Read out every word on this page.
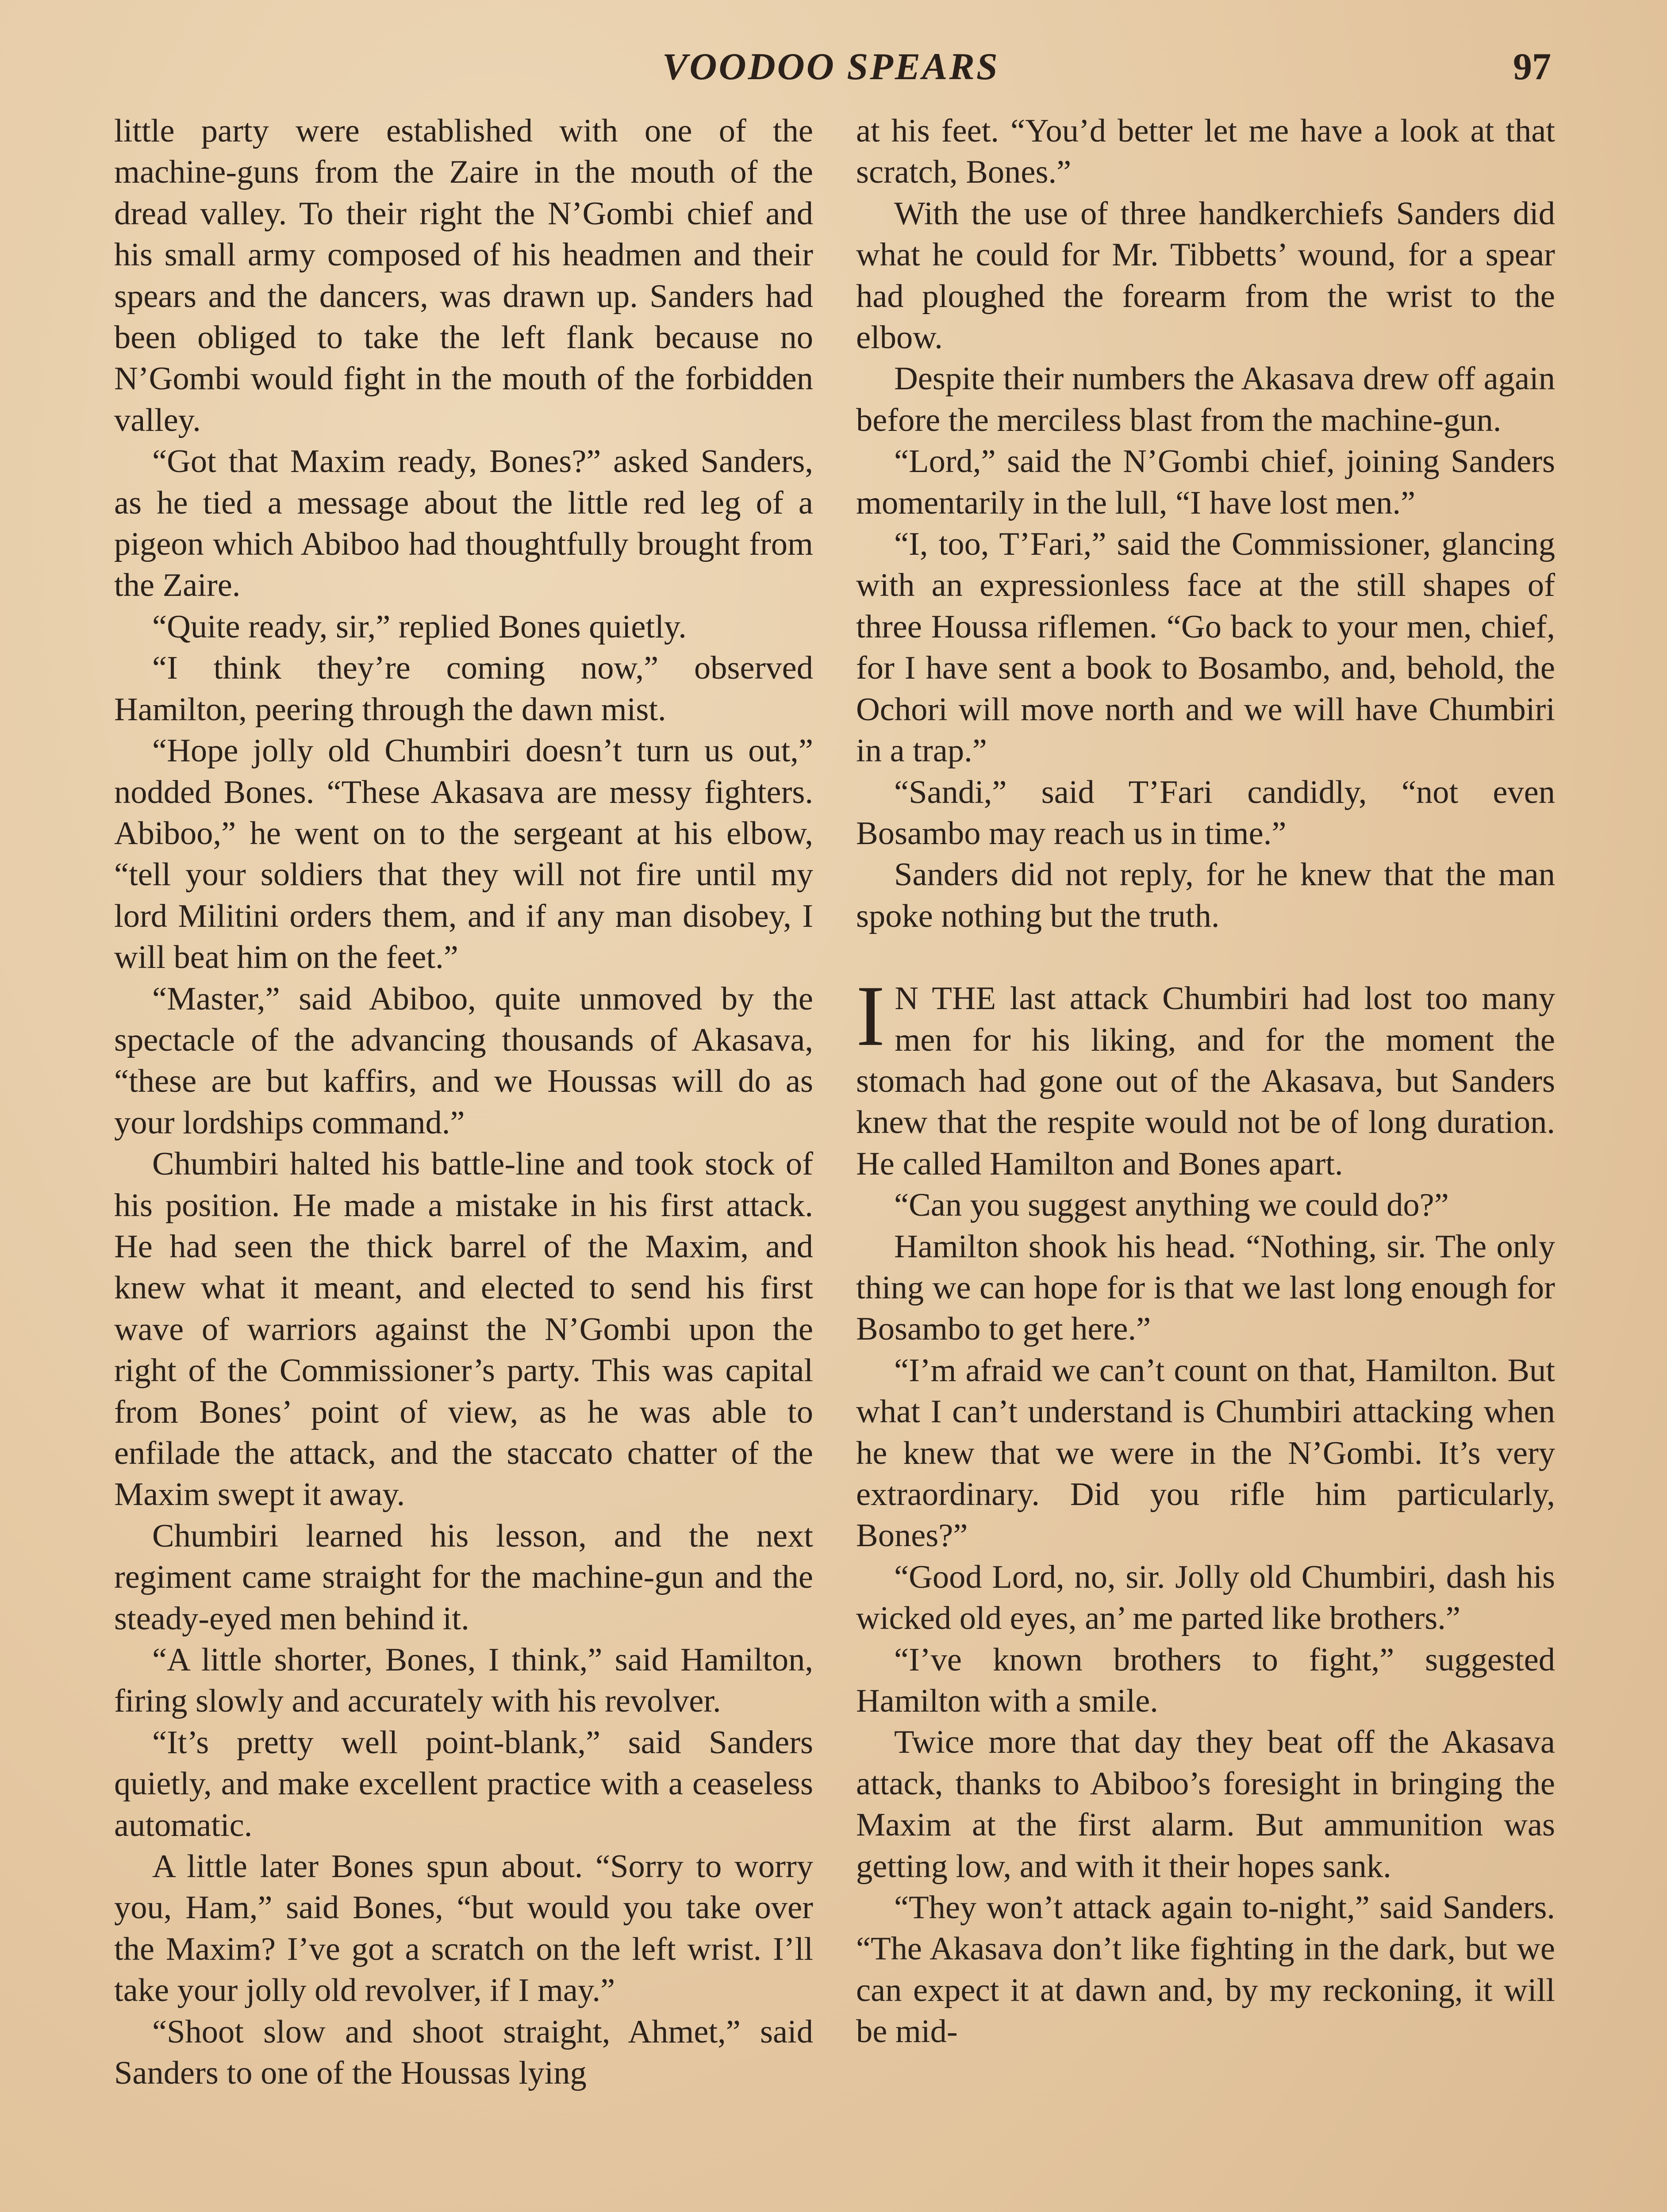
VOODOO SPEARS	97

little party were established with one of the machine-guns from the Zaire in the mouth of the dread valley. To their right the N’Gombi chief and his small army composed of his headmen and their spears and the dancers, was drawn up. Sanders had been obliged to take the left flank because no N’Gombi would fight in the mouth of the forbidden valley.

“Got that Maxim ready, Bones?” asked Sanders, as he tied a message about the little red leg of a pigeon which Abiboo had thoughtfully brought from the Zaire.

“Quite ready, sir,” replied Bones quietly.

“I think they’re coming now,” observed Hamilton, peering through the dawn mist.

“Hope jolly old Chumbiri doesn’t turn us out,” nodded Bones. “These Akasava are messy fighters. Abiboo,” he went on to the sergeant at his elbow, “tell your soldiers that they will not fire until my lord Militini orders them, and if any man disobey, I will beat him on the feet.”

“Master,” said Abiboo, quite unmoved by the spectacle of the advancing thousands of Akasava, “these are but kaffirs, and we Houssas will do as your lordships command.”

Chumbiri halted his battle-line and took stock of his position. He made a mistake in his first attack. He had seen the thick barrel of the Maxim, and knew what it meant, and elected to send his first wave of warriors against the N’Gombi upon the right of the Commissioner’s party. This was capital from Bones’ point of view, as he was able to enfilade the attack, and the staccato chatter of the Maxim swept it away.

Chumbiri learned his lesson, and the next regiment came straight for the machine-gun and the steady-eyed men behind it.

“A little shorter, Bones, I think,” said Hamilton, firing slowly and accurately with his revolver.

“It’s pretty well point-blank,” said Sanders quietly, and make excellent practice with a ceaseless automatic.

A little later Bones spun about. “Sorry to worry you, Ham,” said Bones, “but would you take over the Maxim? I’ve got a scratch on the left wrist. I’ll take your jolly old revolver, if I may.”

“Shoot slow and shoot straight, Ahmet,” said Sanders to one of the Houssas lying

at his feet. “You’d better let me have a look at that scratch, Bones.”

With the use of three handkerchiefs Sanders did what he could for Mr. Tibbetts’ wound, for a spear had ploughed the forearm from the wrist to the elbow.

Despite their numbers the Akasava drew off again before the merciless blast from the machine-gun.

“Lord,” said the N’Gombi chief, joining Sanders momentarily in the lull, “I have lost men.”

“I, too, T’Fari,” said the Commissioner, glancing with an expressionless face at the still shapes of three Houssa riflemen. “Go back to your men, chief, for I have sent a book to Bosambo, and, behold, the Ochori will move north and we will have Chumbiri in a trap.”

“Sandi,” said T’Fari candidly, “not even Bosambo may reach us in time.”

Sanders did not reply, for he knew that the man spoke nothing but the truth.

I N THE last attack Chumbiri had lost too many men for his liking, and for the moment the stomach had gone out of the Akasava, but Sanders knew that the respite would not be of long duration. He called Hamilton and Bones apart.

“Can you suggest anything we could do?”

Hamilton shook his head. “Nothing, sir. The only thing we can hope for is that we last long enough for Bosambo to get here.”

“I’m afraid we can’t count on that, Hamilton. But what I can’t understand is Chumbiri attacking when he knew that we were in the N’Gombi. It’s very extraordinary. Did you rifle him particularly, Bones?”

“Good Lord, no, sir. Jolly old Chumbiri, dash his wicked old eyes, an’ me parted like brothers.”

“I’ve known brothers to fight,” suggested Hamilton with a smile.

Twice more that day they beat off the Akasava attack, thanks to Abiboo’s foresight in bringing the Maxim at the first alarm. But ammunition was getting low, and with it their hopes sank.

“They won’t attack again to-night,” said Sanders. “The Akasava don’t like fighting in the dark, but we can expect it at dawn and, by my reckoning, it will be mid-
